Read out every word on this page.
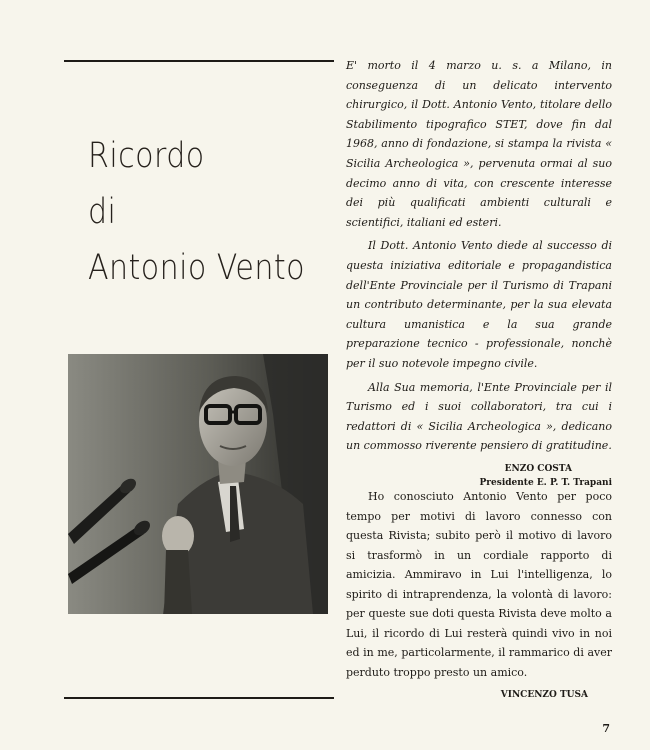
Ricordo
di
Antonio Vento

E' morto il 4 marzo u. s. a Milano, in conseguenza di un delicato intervento chirurgico, il Dott. Antonio Vento, titolare dello Stabilimento tipografico STET, dove fin dal 1968, anno di fondazione, si stampa la rivista « Sicilia Archeologica », pervenuta ormai al suo decimo anno di vita, con crescente interesse dei più qualificati ambienti culturali e scientifici, italiani ed esteri.

Il Dott. Antonio Vento diede al successo di questa iniziativa editoriale e propagandistica dell'Ente Provinciale per il Turismo di Trapani un contributo determinante, per la sua elevata cultura umanistica e la sua grande preparazione tecnico - professionale, nonchè per il suo notevole impegno civile.

Alla Sua memoria, l'Ente Provinciale per il Turismo ed i suoi collaboratori, tra cui i redattori di « Sicilia Archeologica », dedicano un commosso riverente pensiero di gratitudine.

ENZO COSTA

Presidente E. P. T. Trapani

Ho conosciuto Antonio Vento per poco tempo per motivi di lavoro connesso con questa Rivista; subito però il motivo di lavoro si trasformò in un cordiale rapporto di amicizia. Ammiravo in Lui l'intelligenza, lo spirito di intraprendenza, la volontà di lavoro: per queste sue doti questa Rivista deve molto a Lui, il ricordo di Lui resterà quindi vivo in noi ed in me, particolarmente, il rammarico di aver perduto troppo presto un amico.

VINCENZO TUSA

7
